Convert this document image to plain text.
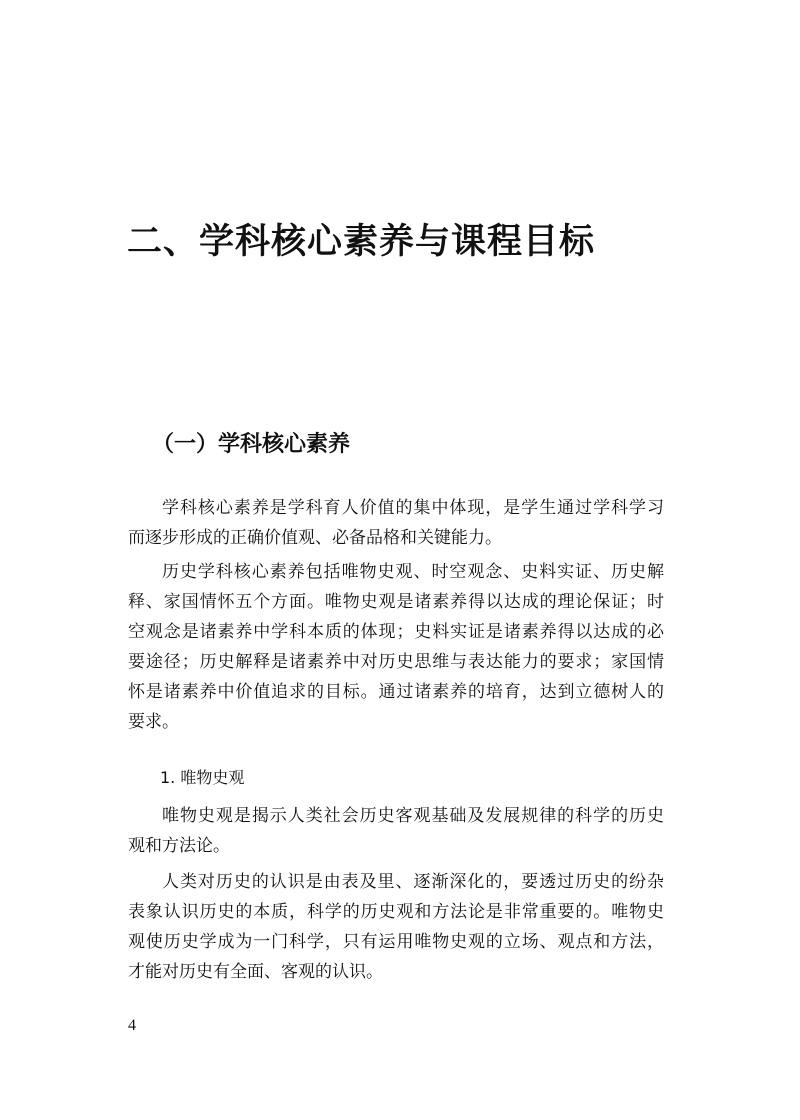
二、学科核心素养与课程目标
（一）学科核心素养
学科核心素养是学科育人价值的集中体现，是学生通过学科学习
而逐步形成的正确价值观、必备品格和关键能力。
历史学科核心素养包括唯物史观、时空观念、史料实证、历史解
释、家国情怀五个方面。唯物史观是诸素养得以达成的理论保证；时
空观念是诸素养中学科本质的体现；史料实证是诸素养得以达成的必
要途径；历史解释是诸素养中对历史思维与表达能力的要求；家国情
怀是诸素养中价值追求的目标。通过诸素养的培育，达到立德树人的
要求。
1. 唯物史观
唯物史观是揭示人类社会历史客观基础及发展规律的科学的历史
观和方法论。
人类对历史的认识是由表及里、逐渐深化的，要透过历史的纷杂
表象认识历史的本质，科学的历史观和方法论是非常重要的。唯物史
观使历史学成为一门科学，只有运用唯物史观的立场、观点和方法，
才能对历史有全面、客观的认识。
4
